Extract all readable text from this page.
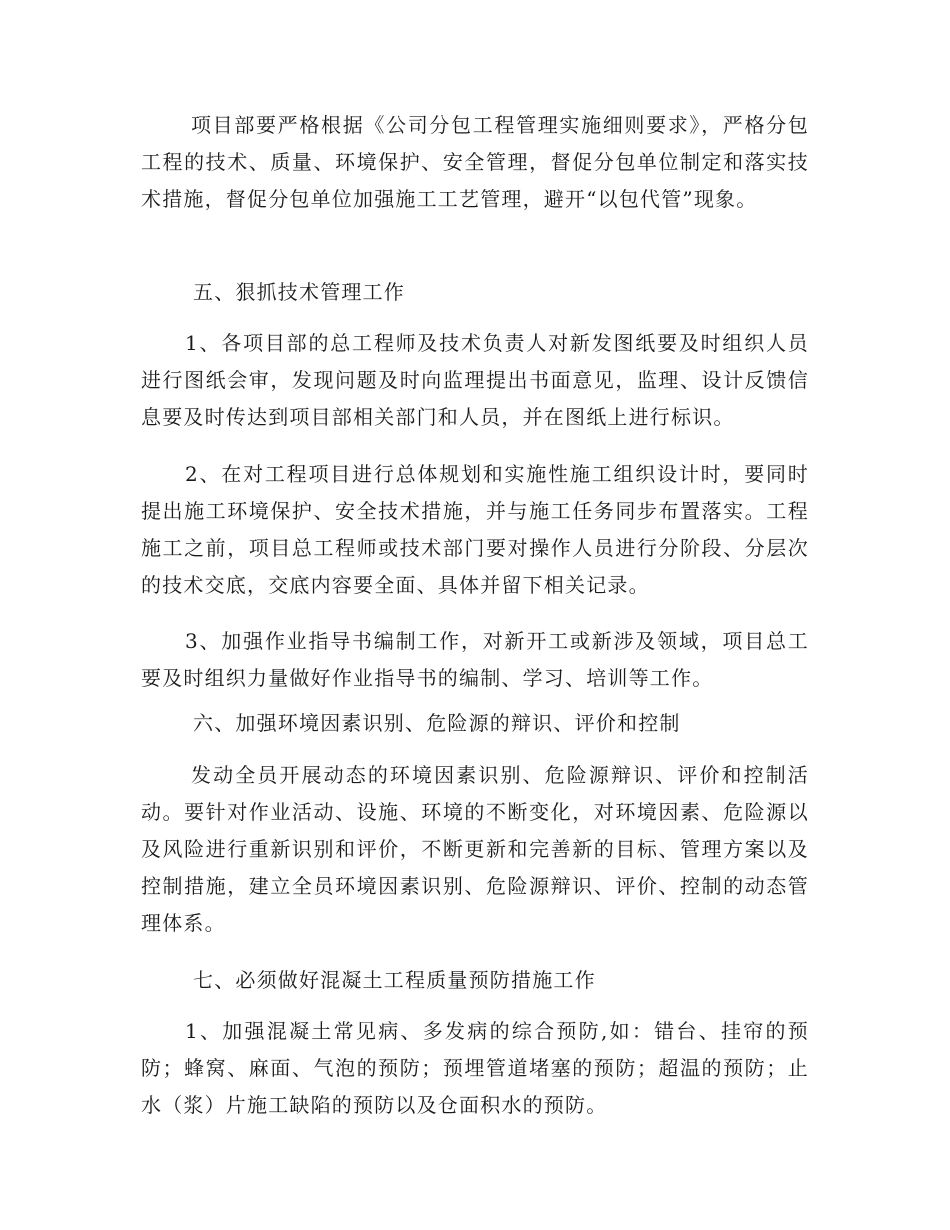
项目部要严格根据《公司分包工程管理实施细则要求》，严格分包工程的技术、质量、环境保护、安全管理，督促分包单位制定和落实技术措施，督促分包单位加强施工工艺管理，避开“以包代管”现象。

五、狠抓技术管理工作

1、各项目部的总工程师及技术负责人对新发图纸要及时组织人员进行图纸会审，发现问题及时向监理提出书面意见，监理、设计反馈信息要及时传达到项目部相关部门和人员，并在图纸上进行标识。

2、在对工程项目进行总体规划和实施性施工组织设计时，要同时提出施工环境保护、安全技术措施，并与施工任务同步布置落实。工程施工之前，项目总工程师或技术部门要对操作人员进行分阶段、分层次的技术交底，交底内容要全面、具体并留下相关记录。

3、加强作业指导书编制工作，对新开工或新涉及领域，项目总工要及时组织力量做好作业指导书的编制、学习、培训等工作。

六、加强环境因素识别、危险源的辩识、评价和控制

发动全员开展动态的环境因素识别、危险源辩识、评价和控制活动。要针对作业活动、设施、环境的不断变化，对环境因素、危险源以及风险进行重新识别和评价，不断更新和完善新的目标、管理方案以及控制措施，建立全员环境因素识别、危险源辩识、评价、控制的动态管理体系。

七、必须做好混凝土工程质量预防措施工作

1、加强混凝土常见病、多发病的综合预防,如：错台、挂帘的预防；蜂窝、麻面、气泡的预防；预埋管道堵塞的预防；超温的预防；止水（浆）片施工缺陷的预防以及仓面积水的预防。
